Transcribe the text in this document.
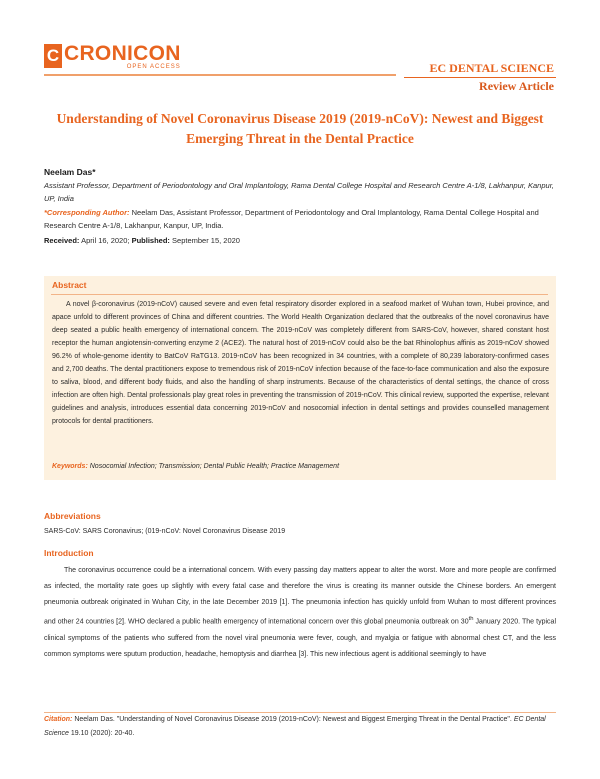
C CRONICON
OPEN ACCESS	EC DENTAL SCIENCE
Review Article
Understanding of Novel Coronavirus Disease 2019 (2019-nCoV): Newest and Biggest Emerging Threat in the Dental Practice
Neelam Das*
Assistant Professor, Department of Periodontology and Oral Implantology, Rama Dental College Hospital and Research Centre A-1/8, Lakhanpur, Kanpur, UP, India
*Corresponding Author: Neelam Das, Assistant Professor, Department of Periodontology and Oral Implantology, Rama Dental College Hospital and Research Centre A-1/8, Lakhanpur, Kanpur, UP, India.
Received: April 16, 2020; Published: September 15, 2020
Abstract
A novel β-coronavirus (2019-nCoV) caused severe and even fetal respiratory disorder explored in a seafood market of Wuhan town, Hubei province, and apace unfold to different provinces of China and different countries. The World Health Organization declared that the outbreaks of the novel coronavirus have deep seated a public health emergency of international concern. The 2019-nCoV was completely different from SARS-CoV, however, shared constant host receptor the human angiotensin-converting enzyme 2 (ACE2). The natural host of 2019-nCoV could also be the bat Rhinolophus affinis as 2019-nCoV showed 96.2% of whole-genome identity to BatCoV RaTG13. 2019-nCoV has been recognized in 34 countries, with a complete of 80,239 laboratory-confirmed cases and 2,700 deaths. The dental practitioners expose to tremendous risk of 2019-nCoV infection because of the face-to-face communication and also the exposure to saliva, blood, and different body fluids, and also the handling of sharp instruments. Because of the characteristics of dental settings, the chance of cross infection are often high. Dental professionals play great roles in preventing the transmission of 2019-nCoV. This clinical review, supported the expertise, relevant guidelines and analysis, introduces essential data concerning 2019-nCoV and nosocomial infection in dental settings and provides counselled management protocols for dental practitioners.
Keywords: Nosocomial Infection; Transmission; Dental Public Health; Practice Management
Abbreviations
SARS-CoV: SARS Coronavirus; (019-nCoV: Novel Coronavirus Disease 2019
Introduction
The coronavirus occurrence could be a international concern. With every passing day matters appear to alter the worst. More and more people are confirmed as infected, the mortality rate goes up slightly with every fatal case and therefore the virus is creating its manner outside the Chinese borders. An emergent pneumonia outbreak originated in Wuhan City, in the late December 2019 [1]. The pneumonia infection has quickly unfold from Wuhan to most different provinces and other 24 countries [2]. WHO declared a public health emergency of international concern over this global pneumonia outbreak on 30th January 2020. The typical clinical symptoms of the patients who suffered from the novel viral pneumonia were fever, cough, and myalgia or fatigue with abnormal chest CT, and the less common symptoms were sputum production, headache, hemoptysis and diarrhea [3]. This new infectious agent is additional seemingly to have
Citation: Neelam Das. "Understanding of Novel Coronavirus Disease 2019 (2019-nCoV): Newest and Biggest Emerging Threat in the Dental Practice". EC Dental Science 19.10 (2020): 20-40.
